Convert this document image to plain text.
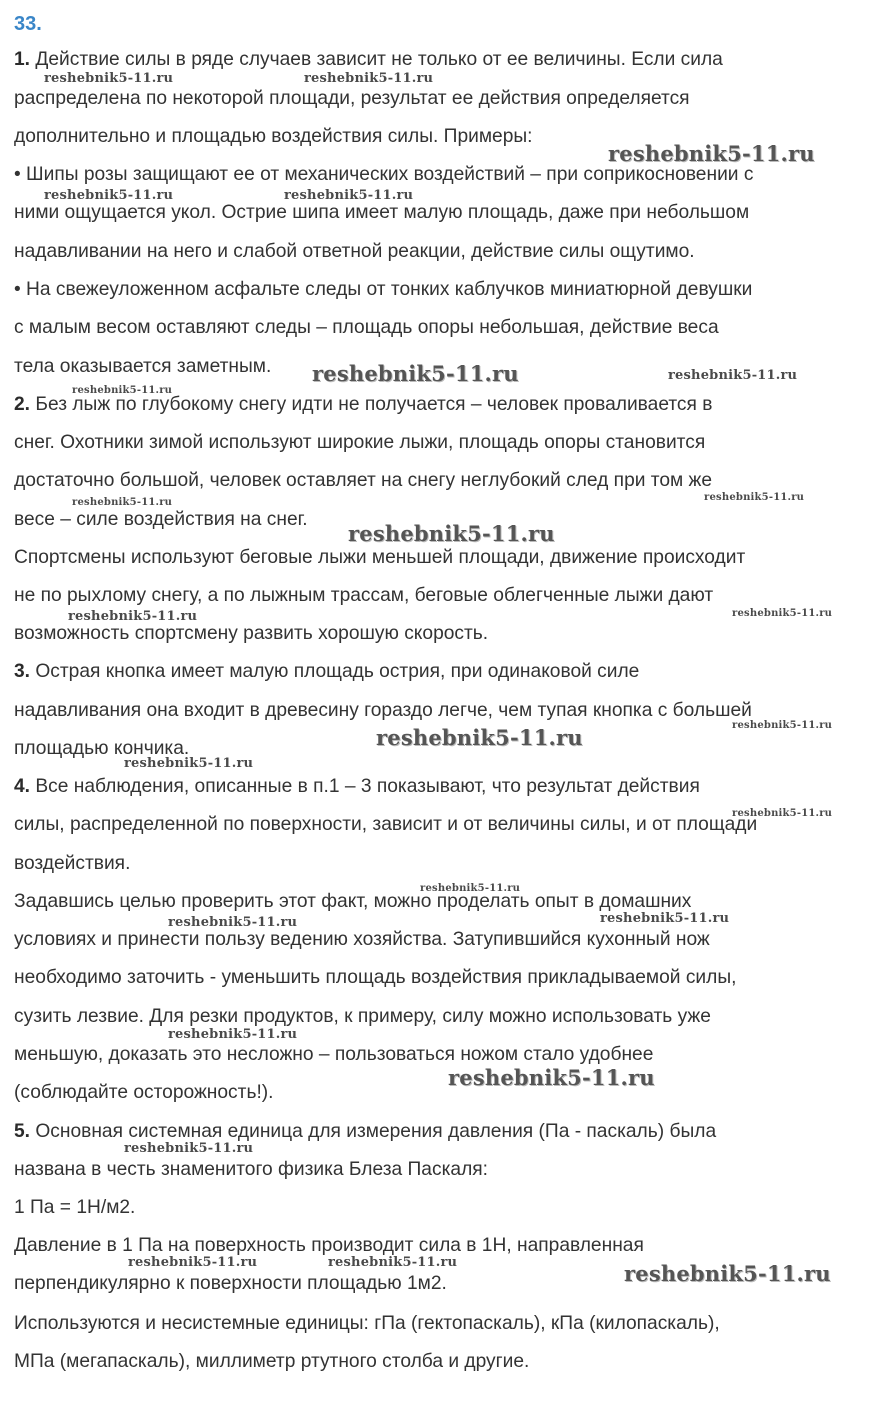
33.
1. Действие силы в ряде случаев зависит не только от ее величины. Если сила
распределена по некоторой площади, результат ее действия определяется
дополнительно и площадью воздействия силы. Примеры:
• Шипы розы защищают ее от механических воздействий – при соприкосновении с
ними ощущается укол. Острие шипа имеет малую площадь, даже при небольшом
надавливании на него и слабой ответной реакции, действие силы ощутимо.
• На свежеуложенном асфальте следы от тонких каблучков миниатюрной девушки
с малым весом оставляют следы – площадь опоры небольшая, действие веса
тела оказывается заметным.
2. Без лыж по глубокому снегу идти не получается – человек проваливается в
снег. Охотники зимой используют широкие лыжи, площадь опоры становится
достаточно большой, человек оставляет на снегу неглубокий след при том же
весе – силе воздействия на снег.
Спортсмены используют беговые лыжи меньшей площади, движение происходит
не по рыхлому снегу, а по лыжным трассам, беговые облегченные лыжи дают
возможность спортсмену развить хорошую скорость.
3. Острая кнопка имеет малую площадь острия, при одинаковой силе
надавливания она входит в древесину гораздо легче, чем тупая кнопка с большей
площадью кончика.
4. Все наблюдения, описанные в п.1 – 3 показывают, что результат действия
силы, распределенной по поверхности, зависит и от величины силы, и от площади
воздействия.
Задавшись целью проверить этот факт, можно проделать опыт в домашних
условиях и принести пользу ведению хозяйства. Затупившийся кухонный нож
необходимо заточить - уменьшить площадь воздействия прикладываемой силы,
сузить лезвие. Для резки продуктов, к примеру, силу можно использовать уже
меньшую, доказать это несложно – пользоваться ножом стало удобнее
(соблюдайте осторожность!).
5. Основная системная единица для измерения давления (Па - паскаль) была
названа в честь знаменитого физика Блеза Паскаля:
1 Па = 1Н/м2.
Давление в 1 Па на поверхность производит сила в 1Н, направленная
перпендикулярно к поверхности площадью 1м2.
Используются и несистемные единицы: гПа (гектопаскаль), кПа (килопаскаль),
МПа (мегапаскаль), миллиметр ртутного столба и другие.
reshebnik5-11.ru	reshebnik5-11.ru
reshebnik5-11.ru
reshebnik5-11.ru	reshebnik5-11.ru
reshebnik5-11.ru	reshebnik5-11.ru
reshebnik5-11.ru
reshebnik5-11.ru	reshebnik5-11.ru
reshebnik5-11.ru
reshebnik5-11.ru	reshebnik5-11.ru
reshebnik5-11.ru
reshebnik5-11.ru
reshebnik5-11.ru
reshebnik5-11.ru
reshebnik5-11.ru
reshebnik5-11.ru	reshebnik5-11.ru
reshebnik5-11.ru
reshebnik5-11.ru
reshebnik5-11.ru
reshebnik5-11.ru	reshebnik5-11.ru	reshebnik5-11.ru
